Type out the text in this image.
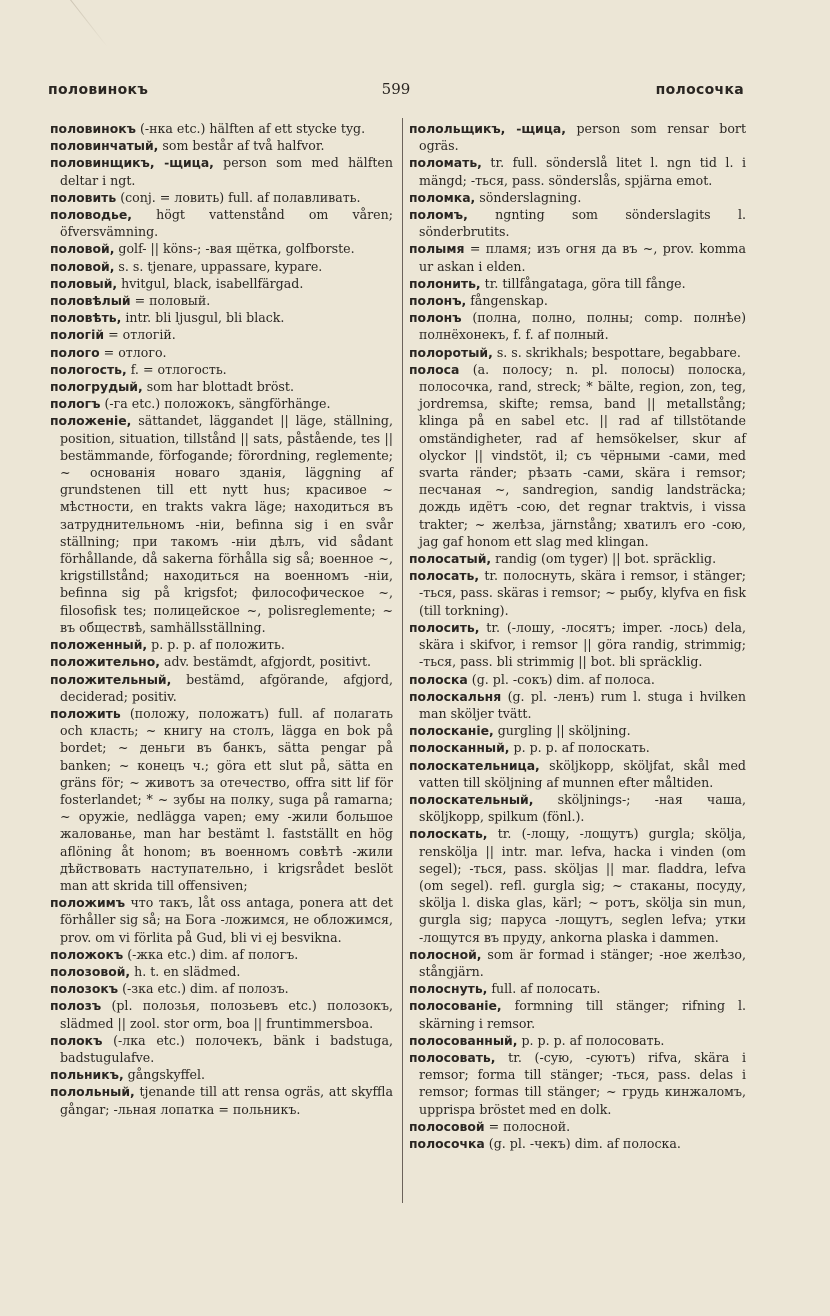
половинокъ	599	полосочка

половинокъ (-нка etc.) hälften af ett stycke tyg.

половинчатый, som består af två halfvor.

половинщикъ, -щица, person som med hälften deltar i ngt.

половить (conj. = ловить) full. af полавливать.

половодье, högt vattenstånd om våren; öfversvämning.

половой, golf- || köns-; -вая щётка, golfborste.

половой, s. s. tjenare, uppassare, kypare.

половый, hvitgul, black, isabellfärgad.

половѣлый = половый.

половѣть, intr. bli ljusgul, bli black.

пологій = отлогій.

полого = отлого.

пологость, f. = отлогость.

пологрудый, som har blottadt bröst.

пологъ (-га etc.) положокъ, sängförhänge.

положеніе, sättandet, läggandet || läge, ställning, position, situation, tillstånd || sats, påstående, tes || bestämmande, förfogande; förordning, reglemente; ~ основанія новаго зданія, läggning af grundstenen till ett nytt hus; красивое ~ мѣстности, en trakts vakra läge; находиться въ затруднительномъ -ніи, befinna sig i en svår ställning; при такомъ -ніи дѣлъ, vid sådant förhållande, då sakerna förhålla sig så; военное ~, krigstillstånd; находиться на военномъ -ніи, befinna sig på krigsfot; философическое ~, filosofisk tes; полицейское ~, polisreglemente; ~ въ обществѣ, samhällsställning.

положенный, p. p. p. af положить.

положительно, adv. bestämdt, afgjordt, positivt.

положительный, bestämd, afgörande, afgjord, deciderad; positiv.

положить (положу, положатъ) full. af полагать och класть; ~ книгу на столъ, lägga en bok på bordet; ~ деньги въ банкъ, sätta pengar på banken; ~ конецъ ч.; göra ett slut på, sätta en gräns för; ~ животъ за отечество, offra sitt lif för fosterlandet; * ~ зубы на полку, suga på ramarna; ~ оружіе, nedlägga vapen; ему -жили большое жалованье, man har bestämt l. fastställt en hög aflöning åt honom; въ военномъ совѣтѣ -жили дѣйствовать наступательно, i krigsrådet beslöt man att skrida till offensiven;

положимъ что такъ, låt oss antaga, ponera att det förhåller sig så; на Бога -ложимся, не обложимся, prov. om vi förlita på Gud, bli vi ej besvikna.

положокъ (-жка etc.) dim. af пологъ.

полозовой, h. t. en slädmed.

полозокъ (-зка etc.) dim. af полозъ.

полозъ (pl. полозья, полозьевъ etc.) полозокъ, slädmed || zool. stor orm, boa || fruntimmersboa.

полокъ (-лка etc.) полочекъ, bänk i badstuga, badstugulafve.

польникъ, gångskyffel.

полольный, tjenande till att rensa ogräs, att skyffla gångar; -льная лопатка = польникъ.

полольщикъ, -щица, person som rensar bort ogräs.

поломать, tr. full. sönderslå litet l. ngn tid l. i mängd; -ться, pass. sönderslås, spjärna emot.

поломка, sönderslagning.

поломъ, ngnting som sönderslagits l. sönderbrutits.

полымя = пламя; изъ огня да въ ~, prov. komma ur askan i elden.

полонить, tr. tillfångataga, göra till fånge.

полонъ, fångenskap.

полонъ (полна, полно, полны; comp. полнѣе) полнёхонекъ, f. f. af полный.

полоротый, s. s. skrikhals; bespottare, begabbare.

полоса (a. полосу; n. pl. полосы) полоска, полосочка, rand, streck; * bälte, region, zon, teg, jordremsa, skifte; remsa, band || metallstång; klinga på en sabel etc. || rad af tillstötande omständigheter, rad af hemsökelser, skur af olyckor || vindstöt, il; съ чёрными -сами, med svarta ränder; рѣзать -сами, skära i remsor; песчаная ~, sandregion, sandig landsträcka; дождь идётъ -сою, det regnar traktvis, i vissa trakter; ~ желѣза, järnstång; хватилъ его -сою, jag gaf honom ett slag med klingan.

полосатый, randig (om tyger) || bot. spräcklig.

полосать, tr. полоснуть, skära i remsor, i stänger; -ться, pass. skäras i remsor; ~ рыбу, klyfva en fisk (till torkning).

полосить, tr. (-лошу, -лосятъ; imper. -лось) dela, skära i skifvor, i remsor || göra randig, strimmig; -ться, pass. bli strimmig || bot. bli spräcklig.

полоска (g. pl. -сокъ) dim. af полоса.

полоскальня (g. pl. -ленъ) rum l. stuga i hvilken man sköljer tvätt.

полосканіе, gurgling || sköljning.

полосканный, p. p. p. af полоскать.

полоскательница, sköljkopp, sköljfat, skål med vatten till sköljning af munnen efter måltiden.

полоскательный, sköljnings-; -ная чаша, sköljkopp, spilkum (fönl.).

полоскать, tr. (-лощу, -лощутъ) gurgla; skölja, renskölja || intr. mar. lefva, hacka i vinden (om segel); -ться, pass. sköljas || mar. fladdra, lefva (om segel). refl. gurgla sig; ~ стаканы, посуду, skölja l. diska glas, kärl; ~ ротъ, skölja sin mun, gurgla sig; паруса -лощутъ, seglen lefva; утки -лощутся въ пруду, ankorna plaska i dammen.

полосной, som är formad i stänger; -ное желѣзо, stångjärn.

полоснуть, full. af полосать.

полосованіе, formning till stänger; rifning l. skärning i remsor.

полосованный, p. p. p. af полосовать.

полосовать, tr. (-сую, -суютъ) rifva, skära i remsor; forma till stänger; -ться, pass. delas i remsor; formas till stänger; ~ грудь кинжаломъ, upprispa bröstet med en dolk.

полосовой = полосной.

полосочка (g. pl. -чекъ) dim. af полоска.
